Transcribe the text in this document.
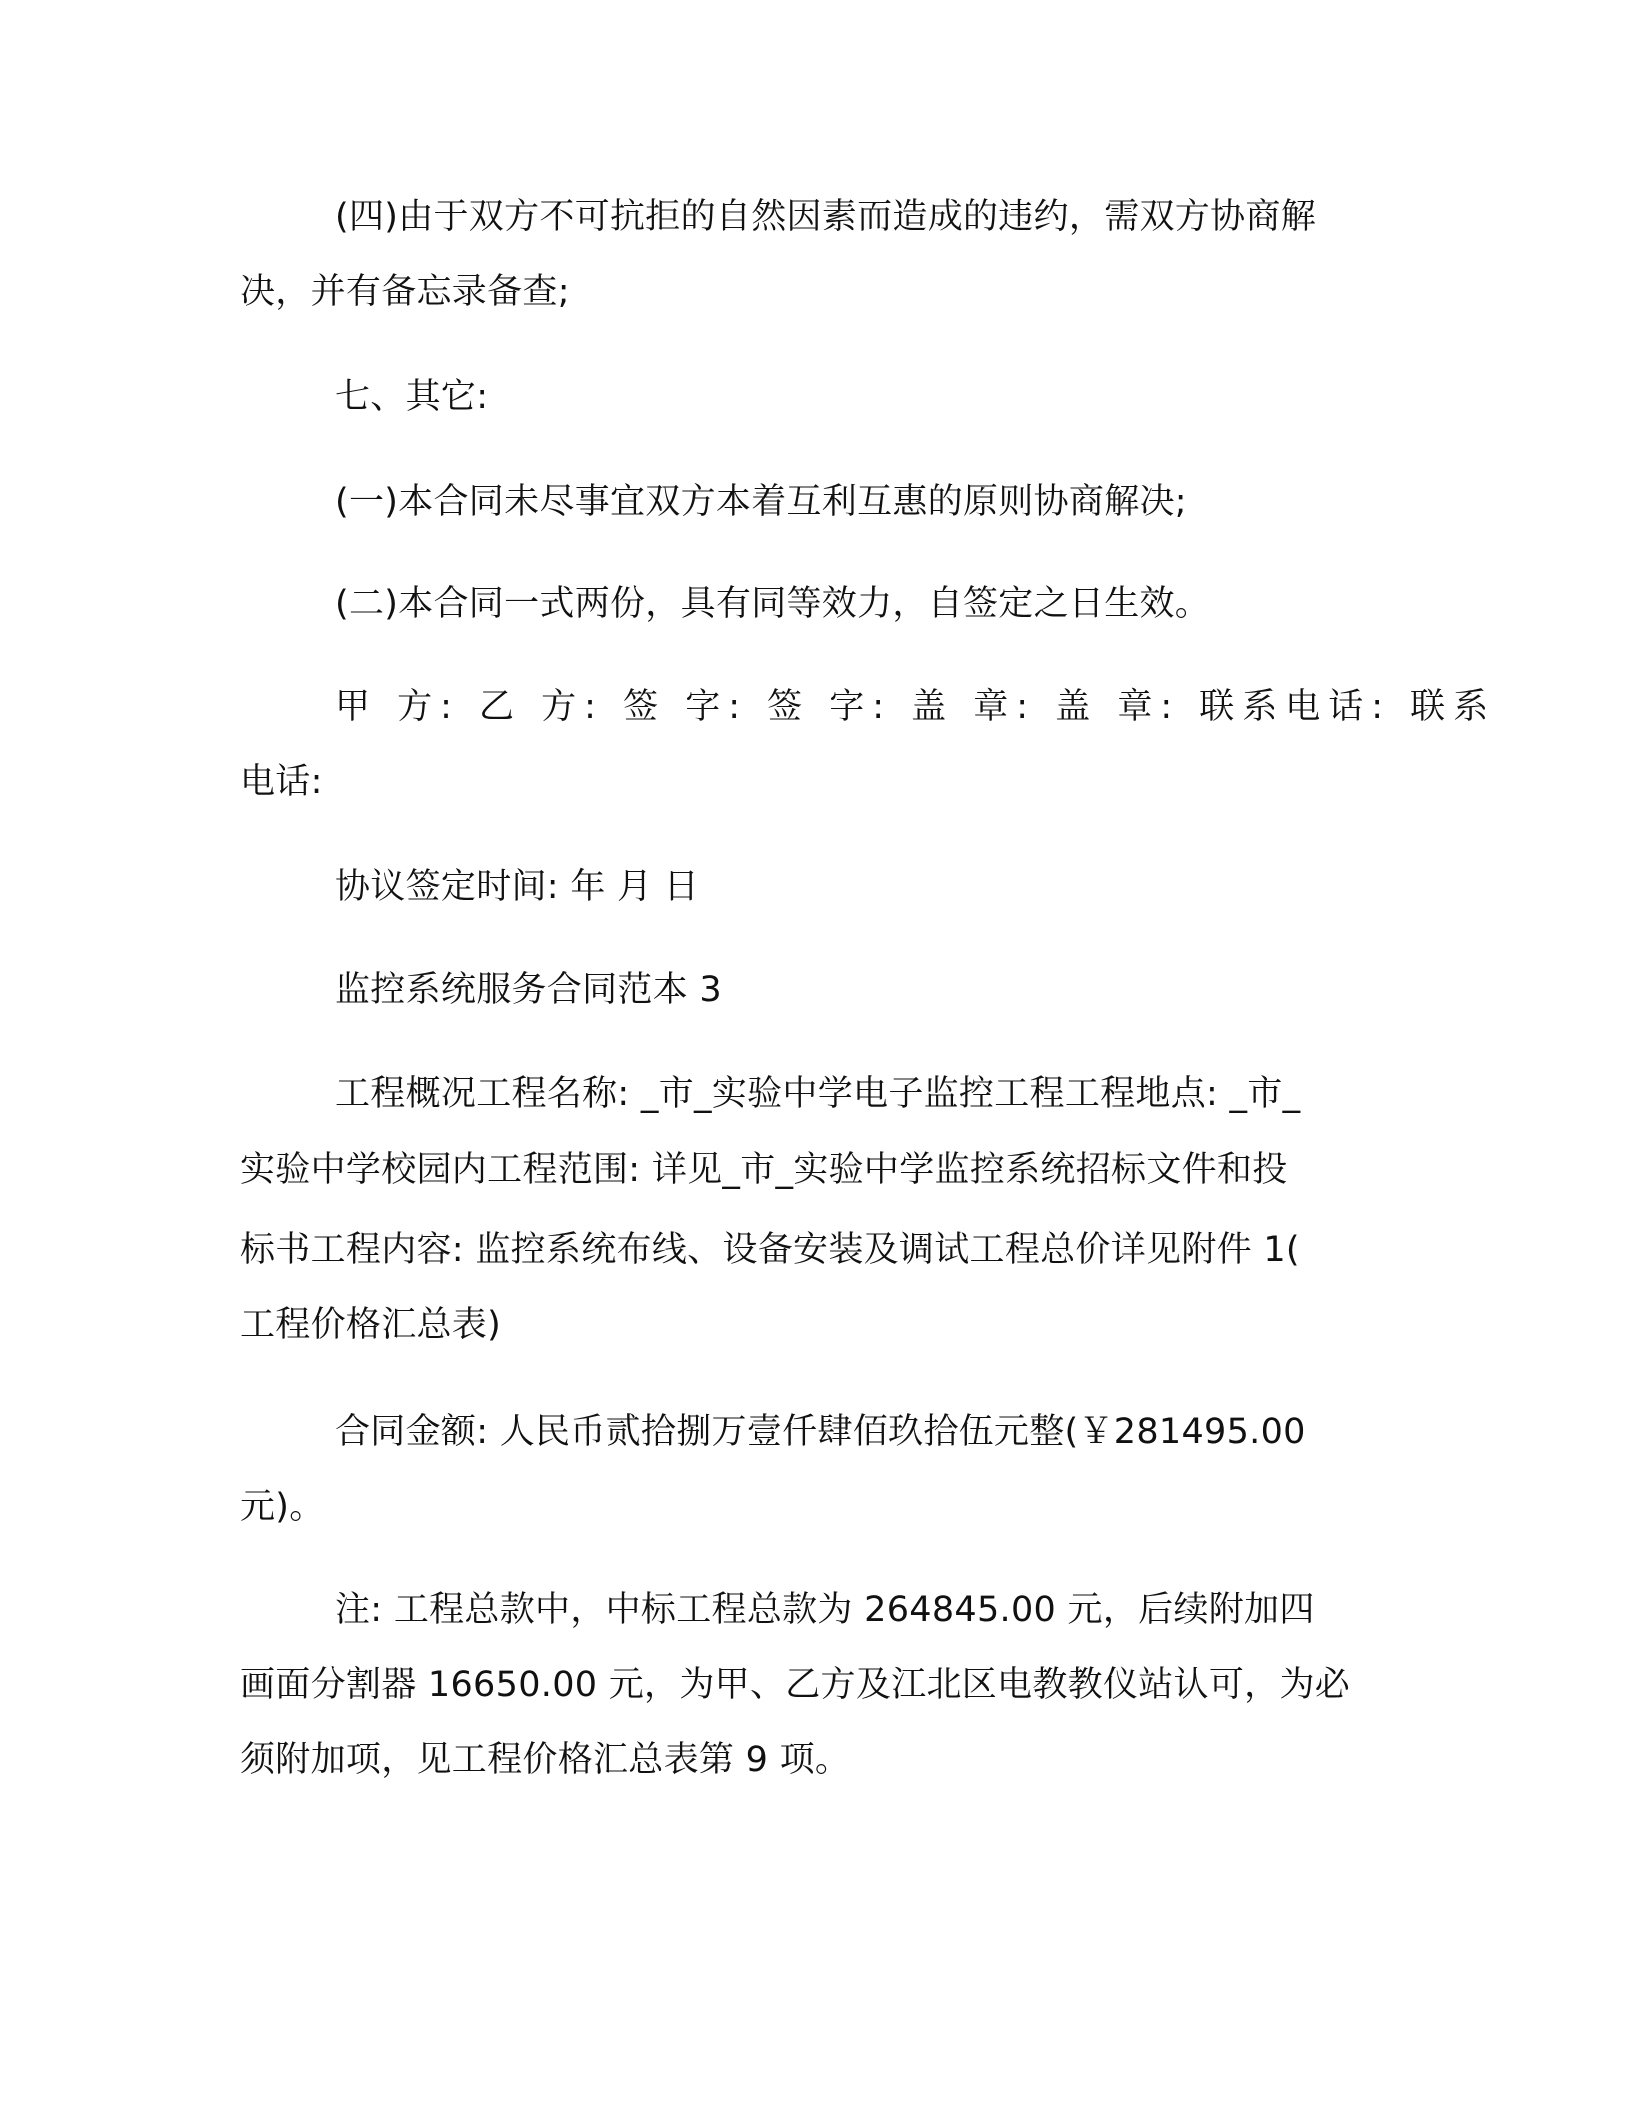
(四)由于双方不可抗拒的自然因素而造成的违约，需双方协商解

决，并有备忘录备查;

七、其它:

(一)本合同未尽事宜双方本着互利互惠的原则协商解决;

(二)本合同一式两份，具有同等效力，自签定之日生效。

甲 方: 乙 方: 签 字: 签 字: 盖 章: 盖 章: 联系电话: 联系

电话:

协议签定时间: 年 月 日

监控系统服务合同范本 3

工程概况工程名称: _市_实验中学电子监控工程工程地点: _市_

实验中学校园内工程范围: 详见_市_实验中学监控系统招标文件和投

标书工程内容: 监控系统布线、设备安装及调试工程总价详见附件 1(

工程价格汇总表)

合同金额: 人民币贰拾捌万壹仟肆佰玖拾伍元整(￥281495.00

元)。

注: 工程总款中，中标工程总款为 264845.00 元，后续附加四

画面分割器 16650.00 元，为甲、乙方及江北区电教教仪站认可，为必

须附加项，见工程价格汇总表第 9 项。
